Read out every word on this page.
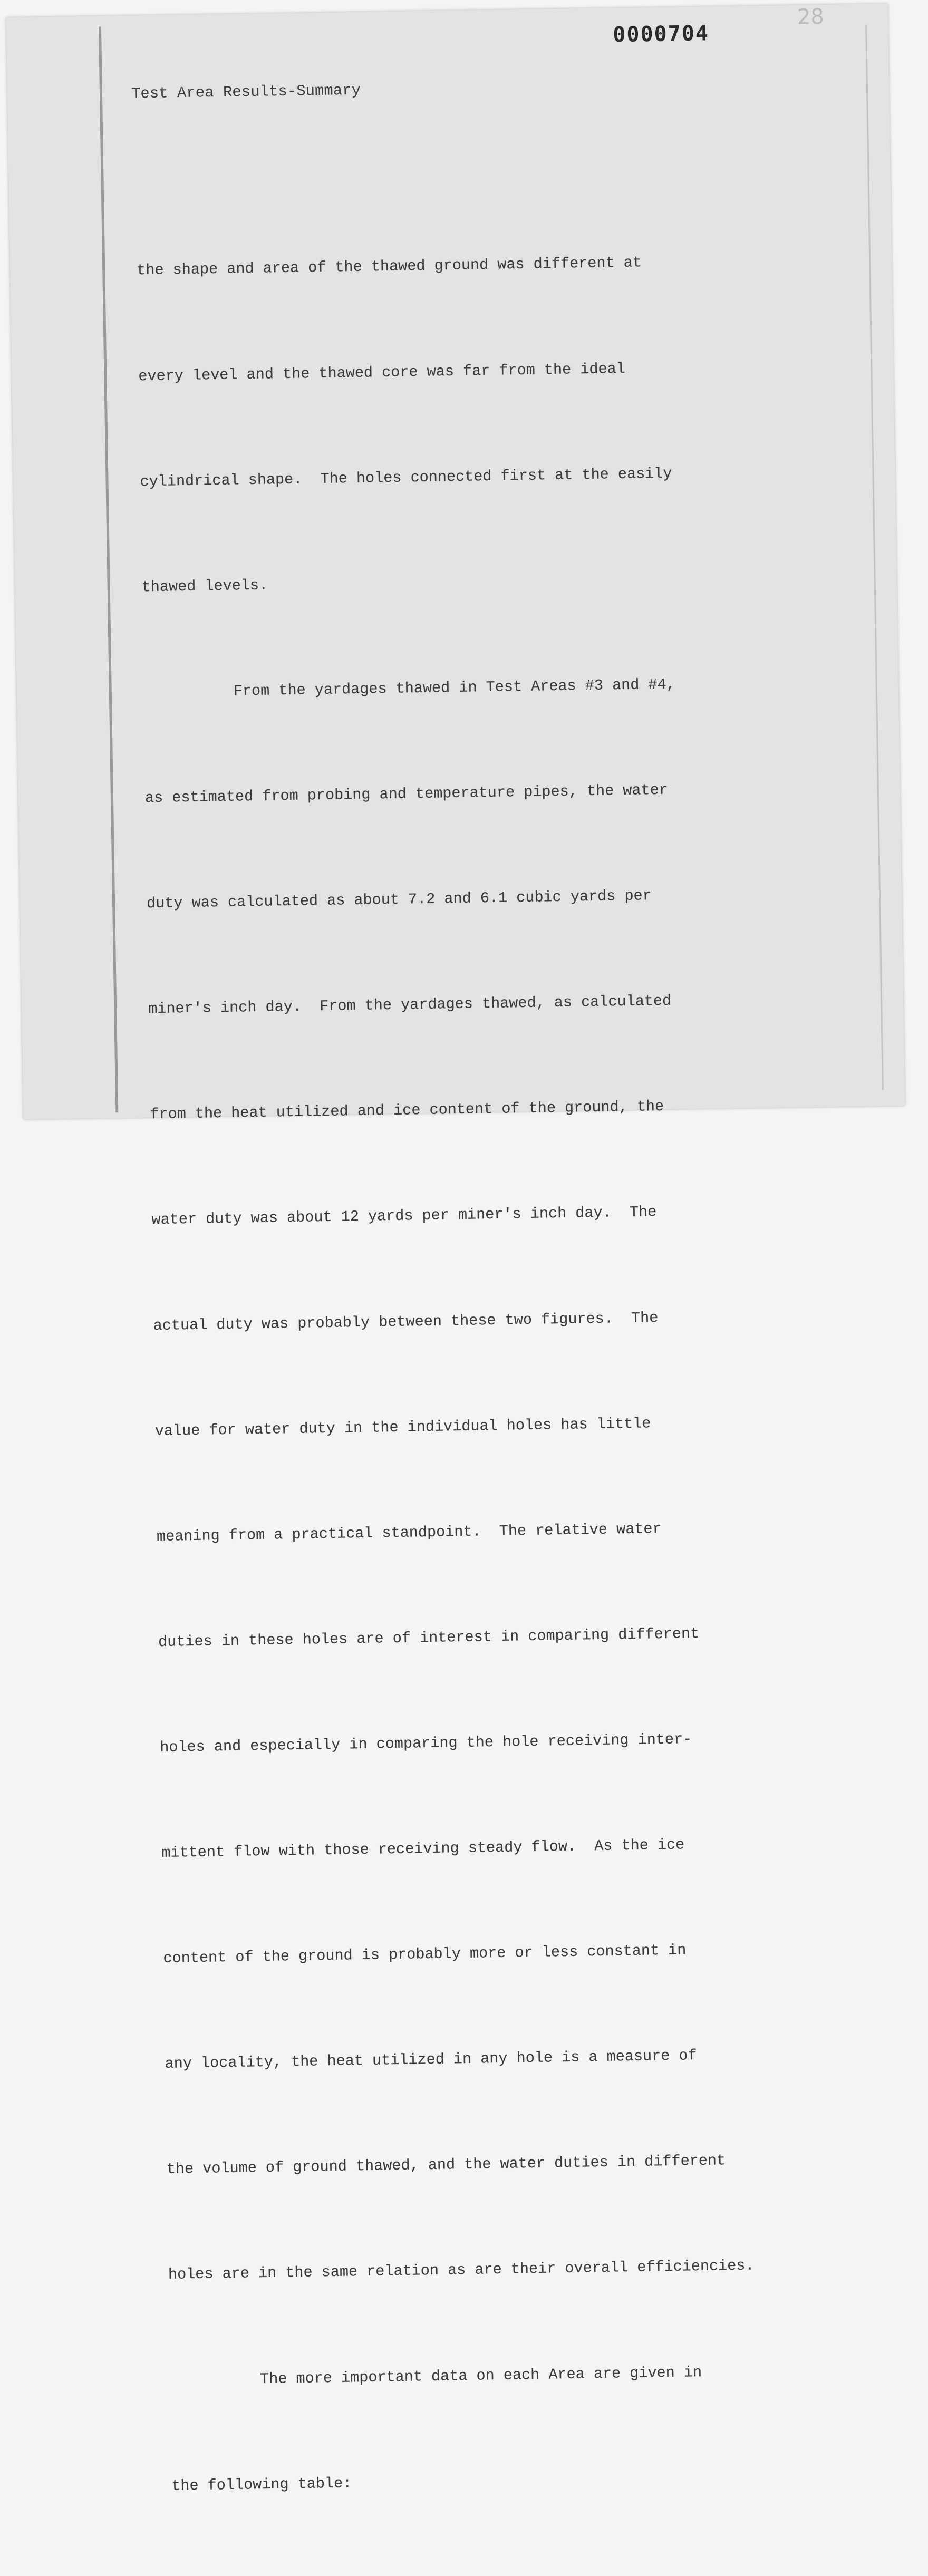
0000704
28
Test Area Results-Summary

the shape and area of the thawed ground was different at

every level and the thawed core was far from the ideal

cylindrical shape.  The holes connected first at the easily

thawed levels.

From the yardages thawed in Test Areas #3 and #4,

as estimated from probing and temperature pipes, the water

duty was calculated as about 7.2 and 6.1 cubic yards per

miner's inch day.  From the yardages thawed, as calculated

from the heat utilized and ice content of the ground, the

water duty was about 12 yards per miner's inch day.  The

actual duty was probably between these two figures.  The

value for water duty in the individual holes has little

meaning from a practical standpoint.  The relative water

duties in these holes are of interest in comparing different

holes and especially in comparing the hole receiving inter-

mittent flow with those receiving steady flow.  As the ice

content of the ground is probably more or less constant in

any locality, the heat utilized in any hole is a measure of

the volume of ground thawed, and the water duties in different

holes are in the same relation as are their overall efficiencies.

The more important data on each Area are given in

the following table:
